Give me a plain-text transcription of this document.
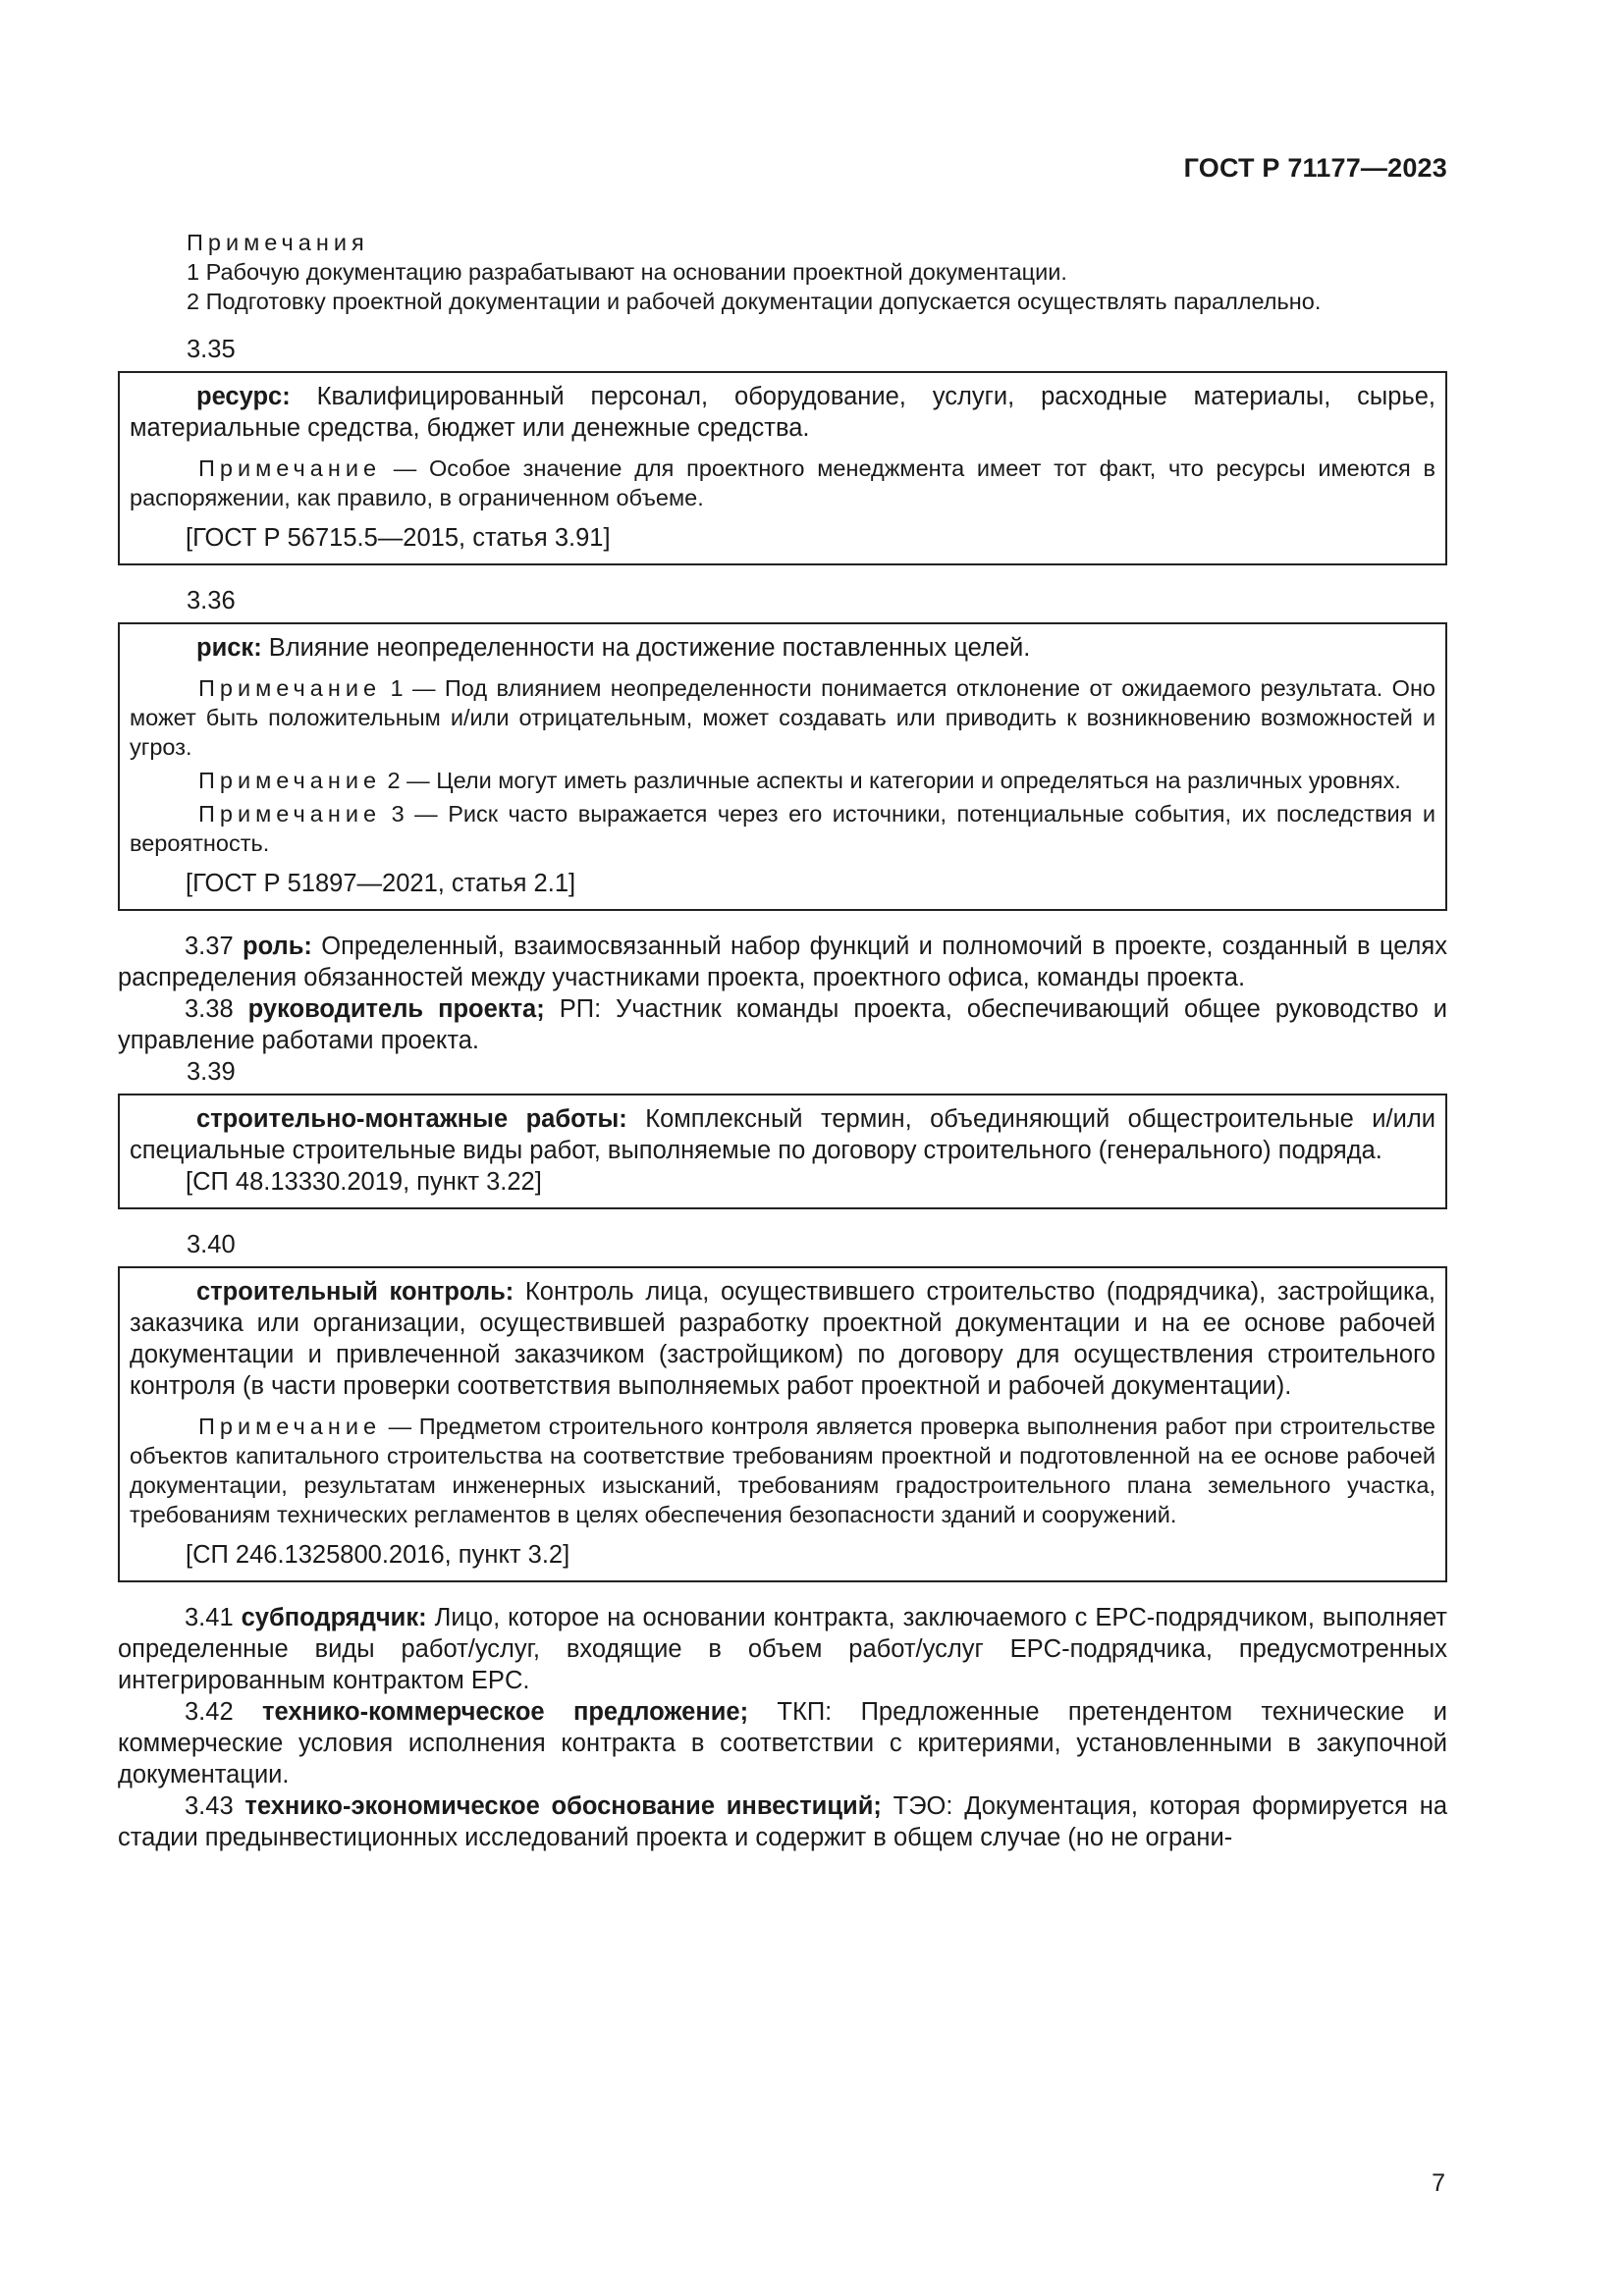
ГОСТ Р 71177—2023

Примечания

1 Рабочую документацию разрабатывают на основании проектной документации.

2 Подготовку проектной документации и рабочей документации допускается осуществлять параллельно.

3.35

ресурс: Квалифицированный персонал, оборудование, услуги, расходные материалы, сырье, материальные средства, бюджет или денежные средства.

Примечание — Особое значение для проектного менеджмента имеет тот факт, что ресурсы имеются в распоряжении, как правило, в ограниченном объеме.

[ГОСТ Р 56715.5—2015, статья 3.91]

3.36

риск: Влияние неопределенности на достижение поставленных целей.

Примечание 1 — Под влиянием неопределенности понимается отклонение от ожидаемого результата. Оно может быть положительным и/или отрицательным, может создавать или приводить к возникновению возможностей и угроз.

Примечание 2 — Цели могут иметь различные аспекты и категории и определяться на различных уровнях.

Примечание 3 — Риск часто выражается через его источники, потенциальные события, их последствия и вероятность.

[ГОСТ Р 51897—2021, статья 2.1]

3.37 роль: Определенный, взаимосвязанный набор функций и полномочий в проекте, созданный в целях распределения обязанностей между участниками проекта, проектного офиса, команды проекта.

3.38 руководитель проекта; РП: Участник команды проекта, обеспечивающий общее руководство и управление работами проекта.

3.39

строительно-монтажные работы: Комплексный термин, объединяющий общестроительные и/или специальные строительные виды работ, выполняемые по договору строительного (генерального) подряда.

[СП 48.13330.2019, пункт 3.22]

3.40

строительный контроль: Контроль лица, осуществившего строительство (подрядчика), застройщика, заказчика или организации, осуществившей разработку проектной документации и на ее основе рабочей документации и привлеченной заказчиком (застройщиком) по договору для осуществления строительного контроля (в части проверки соответствия выполняемых работ проектной и рабочей документации).

Примечание — Предметом строительного контроля является проверка выполнения работ при строительстве объектов капитального строительства на соответствие требованиям проектной и подготовленной на ее основе рабочей документации, результатам инженерных изысканий, требованиям градостроительного плана земельного участка, требованиям технических регламентов в целях обеспечения безопасности зданий и сооружений.

[СП 246.1325800.2016, пункт 3.2]

3.41 субподрядчик: Лицо, которое на основании контракта, заключаемого с EPC-подрядчиком, выполняет определенные виды работ/услуг, входящие в объем работ/услуг EPC-подрядчика, предусмотренных интегрированным контрактом EPC.

3.42 технико-коммерческое предложение; ТКП: Предложенные претендентом технические и коммерческие условия исполнения контракта в соответствии с критериями, установленными в закупочной документации.

3.43 технико-экономическое обоснование инвестиций; ТЭО: Документация, которая формируется на стадии предынвестиционных исследований проекта и содержит в общем случае (но не ограни-

7
